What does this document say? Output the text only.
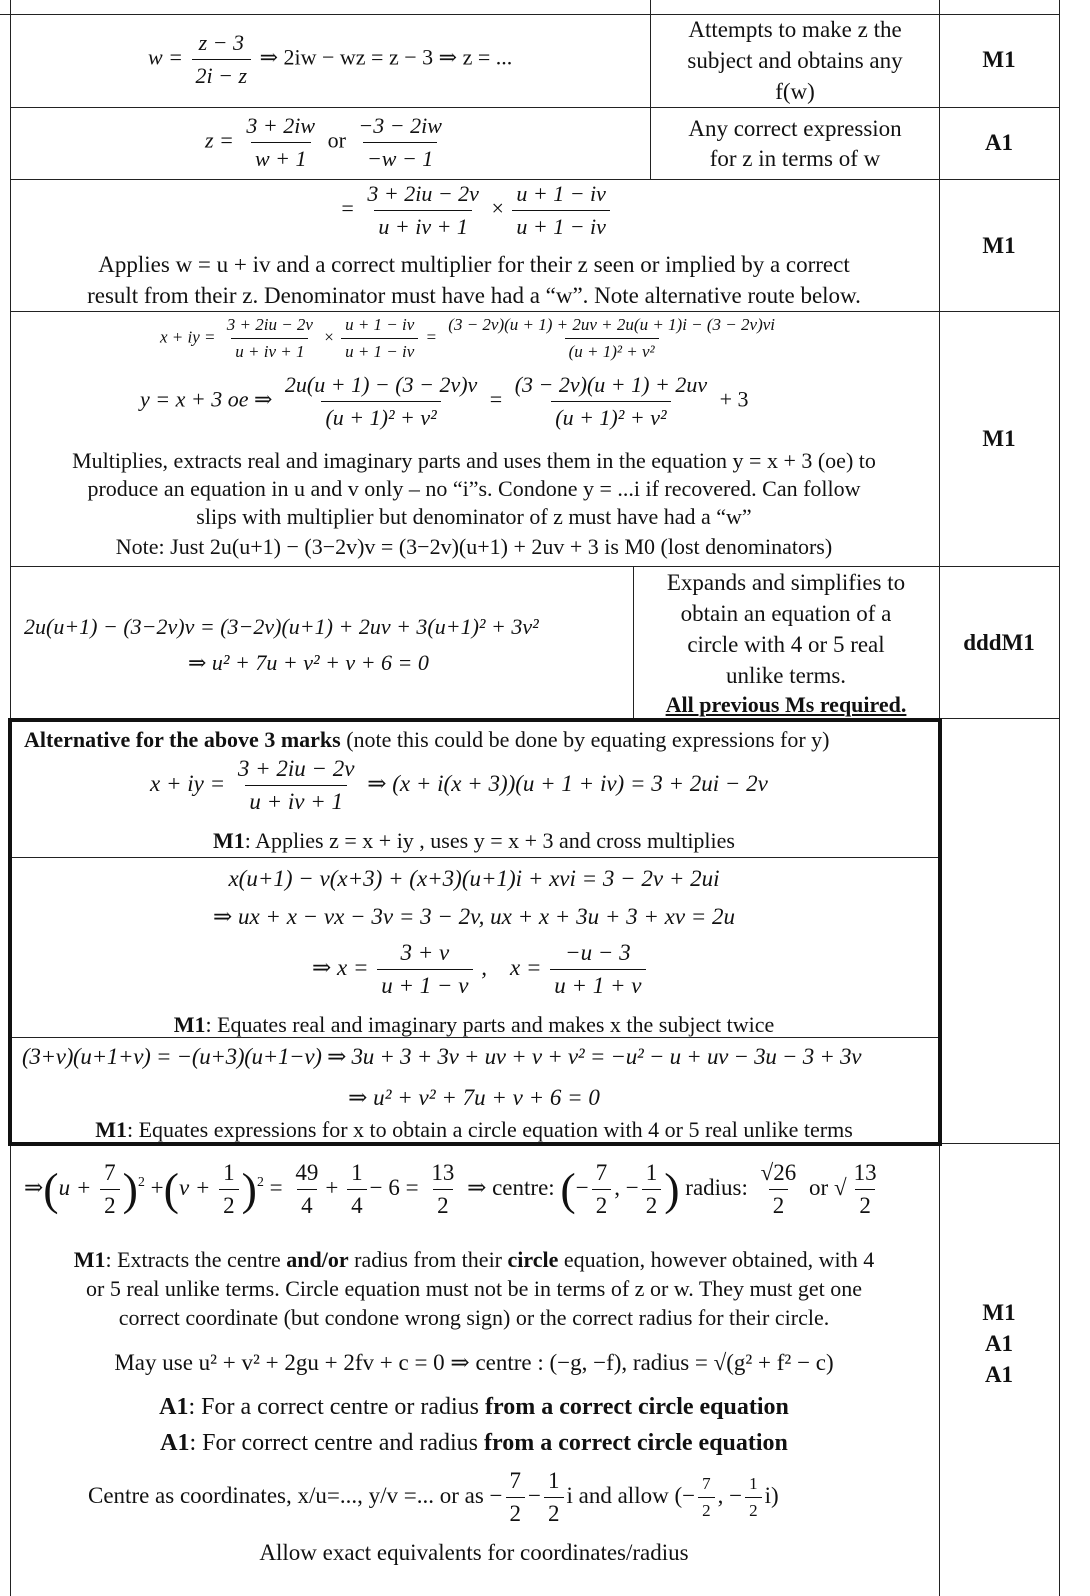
$w = \frac{z - 3}{2i - z}$ ⇒ 2iw − wz = z − 3 ⇒ z = ...
Attempts to make z the
subject and obtains any
f(w)
M1
$z = \frac{3 + 2iw}{w + 1}$ or $\frac{-3 - 2iw}{-w - 1}$	Any correct expression
for z in terms of w
A1
= $\frac{3 + 2iu - 2v}{u + iv + 1} \times \frac{u + 1 - iv}{u + 1 - iv}$
Applies w = u + iv and a correct multiplier for their z seen or implied by a correct
result from their z. Denominator must have had a “w”. Note alternative route below.
M1
x + iy = $\frac{3 + 2iu - 2v}{u + iv + 1} \times \frac{u + 1 - iv}{u + 1 - iv} = \frac{(3 - 2v)(u + 1) + 2uv + 2u(u + 1)i - (3 - 2v)vi}{\text{(u + 1)² + v²}}$
y = x + 3 oe ⇒ $\frac{2u(u + 1) - (3 - 2v)v}{\text{(u + 1)² + v²}} = \frac{(3 - 2v)(u + 1) + 2uv}{\text{(u + 1)² + v²}} + 3$
Multiplies, extracts real and imaginary parts and uses them in the equation y = x + 3 (oe) to
produce an equation in u and v only – no “i”s. Condone y = ...i if recovered. Can follow
slips with multiplier but denominator of z must have had a “w”
Note: Just 2u(u+1) − (3−2v)v = (3−2v)(u+1) + 2uv + 3 is M0 (lost denominators)
M1
2u(u+1) − (3−2v)v = (3−2v)(u+1) + 2uv + 3(u+1)² + 3v²
⇒ u² + 7u + v² + v + 6 = 0
Expands and simplifies to
obtain an equation of a
circle with 4 or 5 real
unlike terms.
All previous Ms required.
dddM1
Alternative for the above 3 marks (note this could be done by equating expressions for y)
x + iy = $\frac{3 + 2iu - 2v}{u + iv + 1}$ ⇒ (x + i(x + 3))(u + 1 + iv) = 3 + 2ui − 2v
M1: Applies z = x + iy , uses y = x + 3 and cross multiplies
x(u+1) − v(x+3) + (x+3)(u+1)i + xvi = 3 − 2v + 2ui
⇒ ux + x − vx − 3v = 3 − 2v, ux + x + 3u + 3 + xv = 2u
⇒ $x = \frac{3 + v}{u + 1 - v}$ ,    $x = \frac{-u - 3}{u + 1 + v}$
M1: Equates real and imaginary parts and makes x the subject twice
(3+v)(u+1+v) = −(u+3)(u+1−v) ⇒ 3u + 3 + 3v + uv + v + v² = −u² − u + uv − 3u − 3 + 3v
⇒ u² + v² + 7u + v + 6 = 0
M1: Equates expressions for x to obtain a circle equation with 4 or 5 real unlike terms
⇒(u + $\frac{7}{2} )^2 +(v + \frac{1}{2} )^2 = \frac{49}{4} + \frac{1}{4} - 6 = \frac{13}{2}$ ⇒ centre: (− $\frac{7}{2}$ , − $\frac{1}{2}$ ) radius: $\frac{√26}{2}$ or √ $\frac{13}{2}$
M1: Extracts the centre and/or radius from their circle equation, however obtained, with 4
or 5 real unlike terms. Circle equation must not be in terms of z or w. They must get one
correct coordinate (but condone wrong sign) or the correct radius for their circle.
May use u² + v² + 2gu + 2fv + c = 0 ⇒ centre : (−g, −f), radius = √(g² + f² − c)
A1: For a correct centre or radius from a correct circle equation
A1: For correct centre and radius from a correct circle equation
Centre as coordinates, x/u=..., y/v =... or as − $\frac{7}{2} - \frac{1}{2}$ i and allow (− $\frac{7}{2}$ , − $\frac{1}{2} i$)
Allow exact equivalents for coordinates/radius
M1
A1
A1
